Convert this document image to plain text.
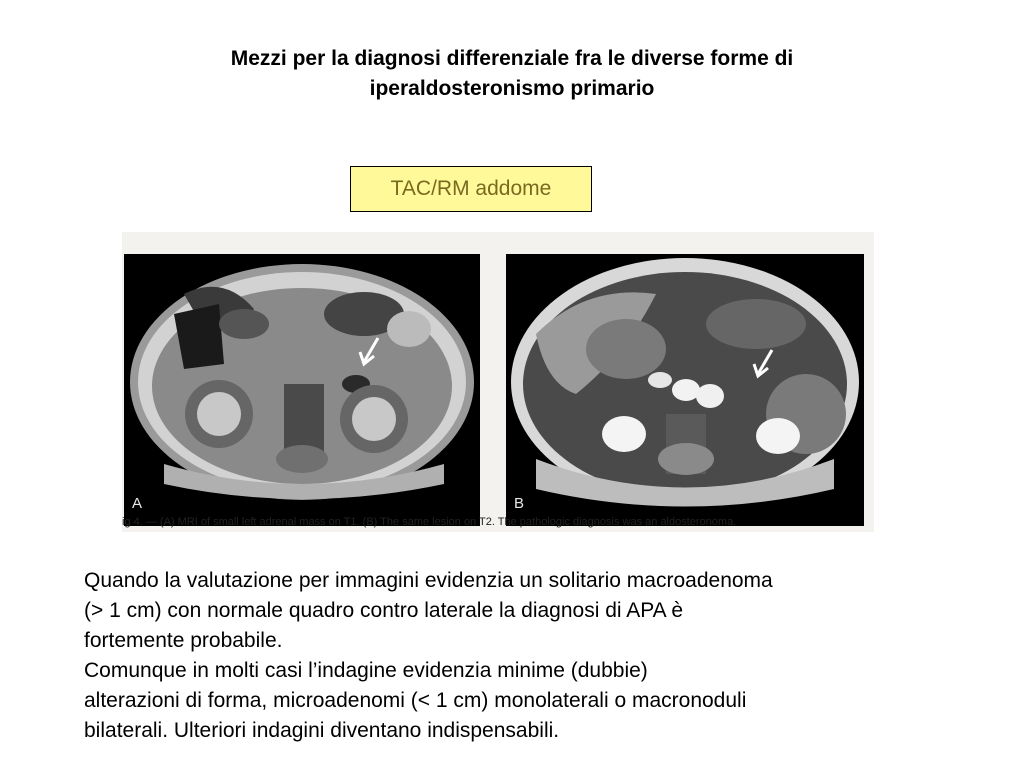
Mezzi per la diagnosi differenziale fra le diverse forme di
iperaldosteronismo primario
TAC/RM addome
A	B
ig 4. — (A) MRI of small left adrenal mass on T1. (B) The same lesion on T2. The pathologic diagnosis was an aldosteronoma.
Quando la valutazione per immagini evidenzia un solitario macroadenoma
(> 1 cm) con normale quadro contro laterale la diagnosi di APA è
fortemente probabile.
Comunque in molti casi l’indagine evidenzia minime (dubbie)
alterazioni di forma, microadenomi (< 1 cm) monolaterali o macronoduli
bilaterali. Ulteriori indagini diventano indispensabili.
